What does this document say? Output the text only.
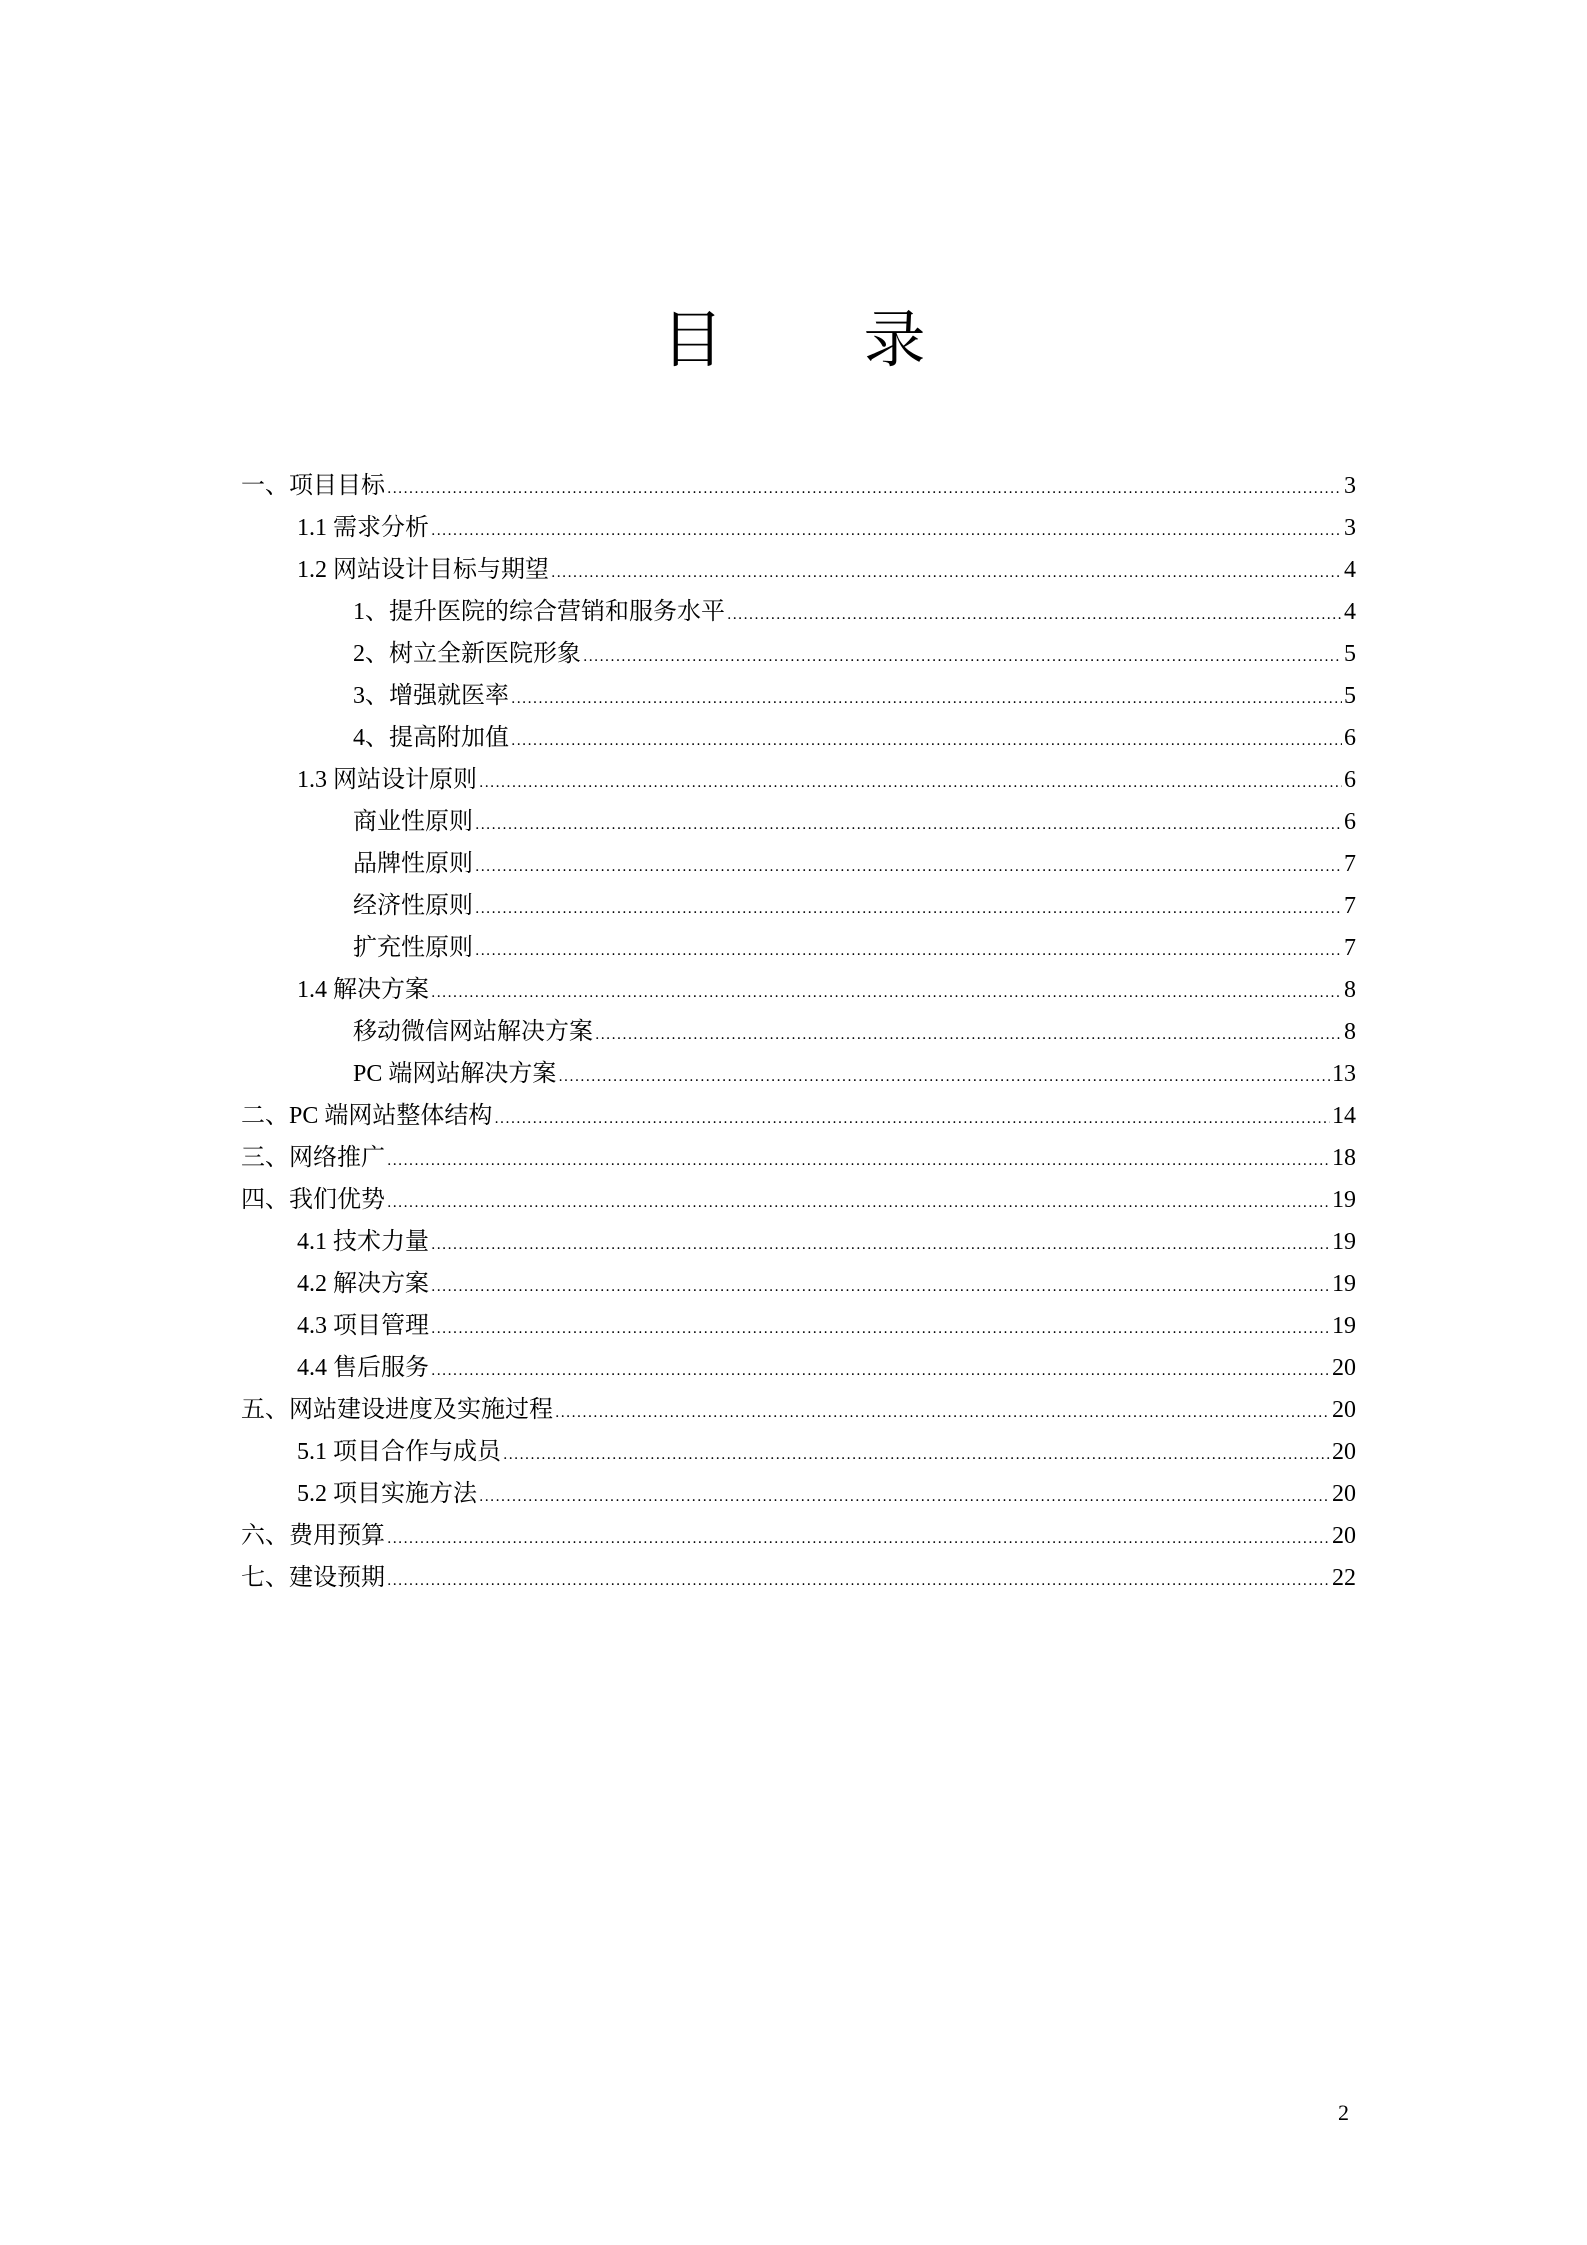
目 录
一、项目目标 .....	3
1.1 需求分析 .....	3
1.2 网站设计目标与期望 .....	4
1、提升医院的综合营销和服务水平 .....	4
2、树立全新医院形象 .....	5
3、增强就医率 .....	5
4、提高附加值 .....	6
1.3 网站设计原则 .....	6
商业性原则 .....	6
品牌性原则 .....	7
经济性原则 .....	7
扩充性原则 .....	7
1.4 解决方案 .....	8
移动微信网站解决方案 .....	8
PC 端网站解决方案 .....	13
二、PC 端网站整体结构 .....	14
三、网络推广 .....	18
四、我们优势 .....	19
4.1 技术力量 .....	19
4.2 解决方案 .....	19
4.3 项目管理 .....	19
4.4 售后服务 .....	20
五、网站建设进度及实施过程 .....	20
5.1 项目合作与成员 .....	20
5.2 项目实施方法 .....	20
六、费用预算 .....	20
七、建设预期 .....	22
2
